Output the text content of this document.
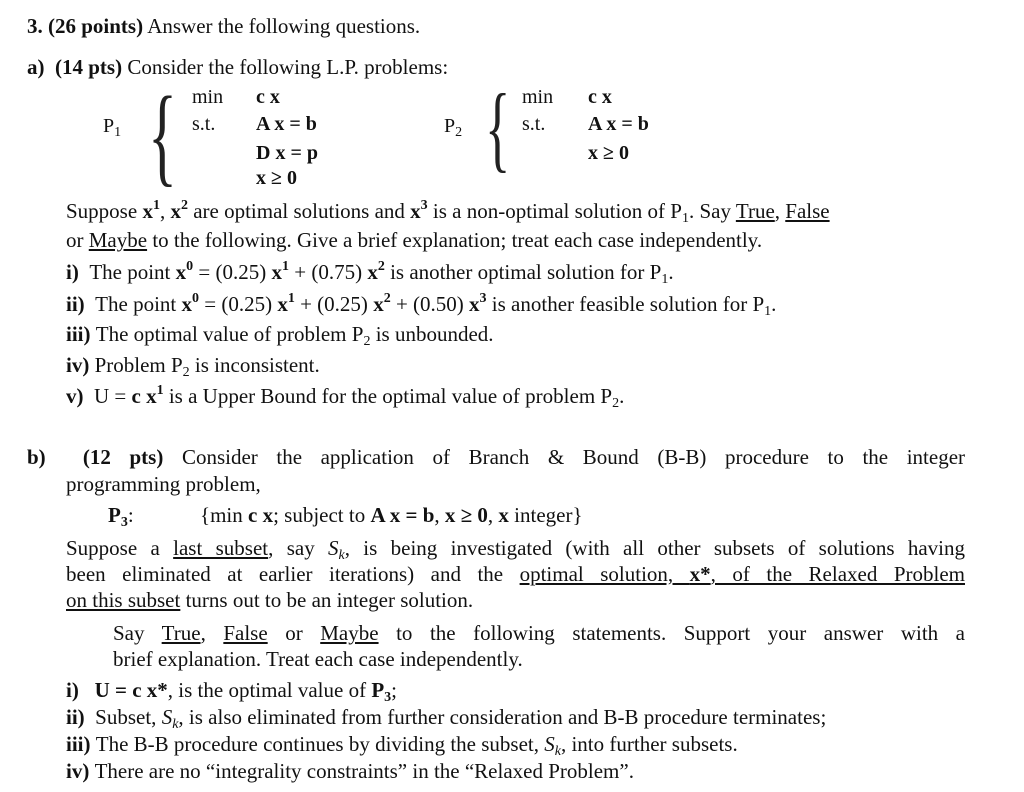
3. (26 points) Answer the following questions.
a) (14 pts) Consider the following L.P. problems:
$P_1$ { min c x
s.t. A x = b
D x = p
x ≥ 0
$P_2$ { min c x
s.t. A x = b
x ≥ 0
Suppose $x^1$, $x^2$ are optimal solutions and $x^3$ is a non-optimal solution of $P_1$. Say True, False
or Maybe to the following. Give a brief explanation; treat each case independently.
i) The point $x^0 = (0.25) x^1 + (0.75)$ $x^2$ is another optimal solution for $P_1$.
ii) The point $x^0 = (0.25) x^1 + (0.25) x^2 + (0.50)$ $x^3$ is another feasible solution for $P_1$.
iii) The optimal value of problem $P_2$ is unbounded.
iv) Problem $P_2$ is inconsistent.
v) U = c $x^1$ is a Upper Bound for the optimal value of problem $P_2$.
b) (12 pts) Consider the application of Branch & Bound (B-B) procedure to the integer
programming problem,
$P_3$:	{min c x; subject to A x = b, x ≥ 0, x integer}
Suppose a last subset, say $S_k$, is being investigated (with all other subsets of solutions having
been eliminated at earlier iterations) and the optimal solution, x*, of the Relaxed Problem
on this subset turns out to be an integer solution.
Say True, False or Maybe to the following statements. Support your answer with a
brief explanation. Treat each case independently.
i) U = c x*, is the optimal value of $P_3$;
ii) Subset, $S_k$, is also eliminated from further consideration and B-B procedure terminates;
iii) The B-B procedure continues by dividing the subset, $S_k$, into further subsets.
iv) There are no “integrality constraints” in the “Relaxed Problem”.
